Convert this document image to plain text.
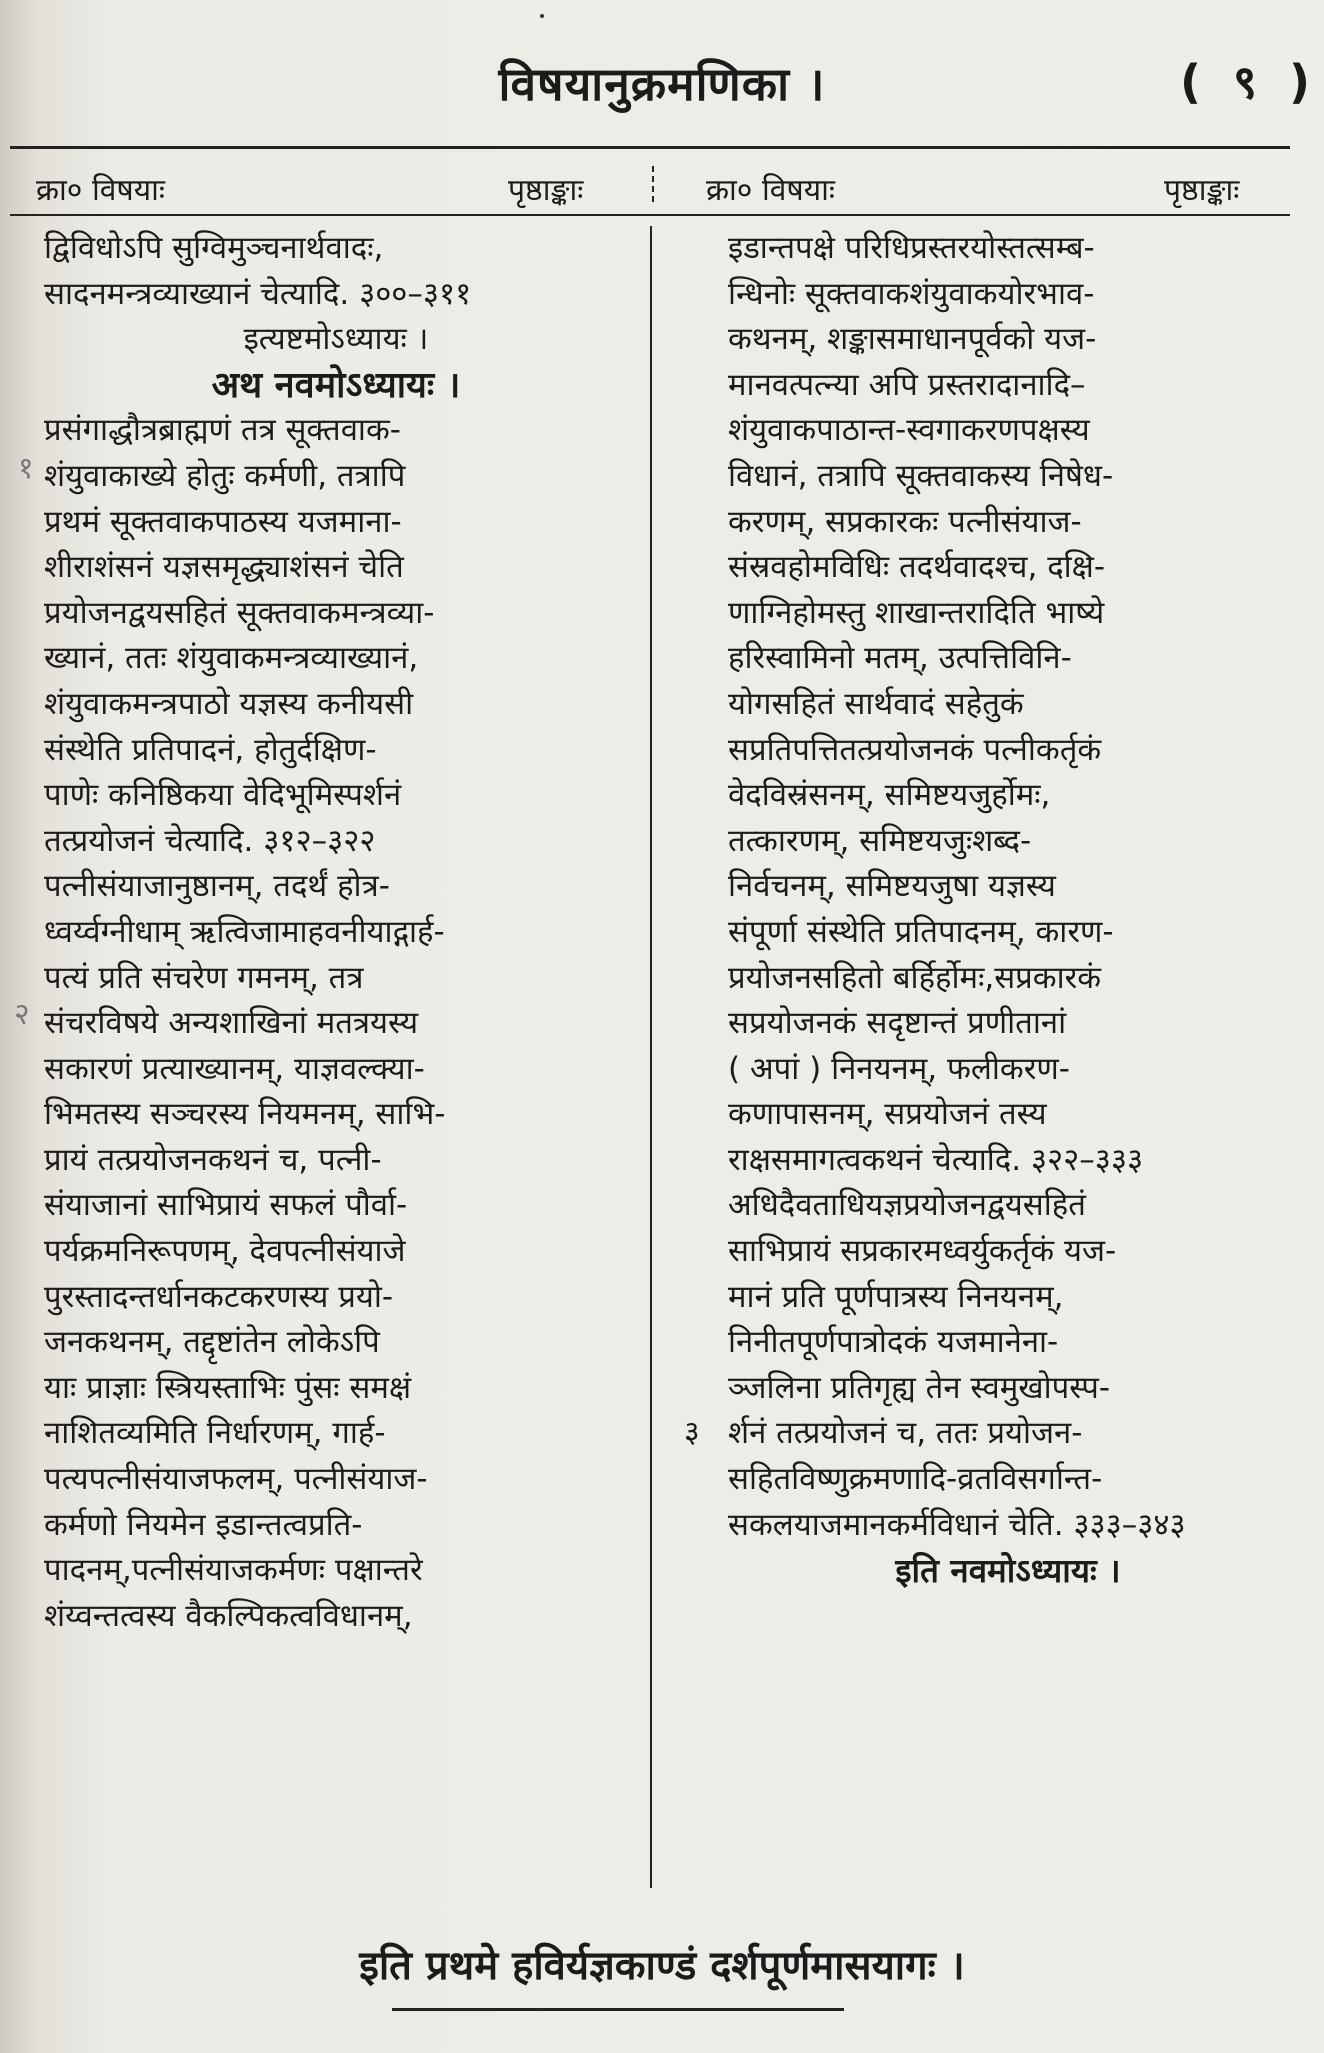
विषयानुक्रमणिका ।	( ९ )
क्रा० विषयाः	पृष्ठाङ्काः	क्रा० विषयाः	पृष्ठाङ्काः
१
२
द्विविधोऽपि सुग्विमुञ्चनार्थवादः,
सादनमन्त्रव्याख्यानं चेत्यादि. ३००–३११
इत्यष्टमोऽध्यायः ।
अथ नवमोऽध्यायः ।
प्रसंगाद्धौत्रब्राह्मणं तत्र सूक्तवाक-
शंयुवाकाख्ये होतुः कर्मणी, तत्रापि
प्रथमं सूक्तवाकपाठस्य यजमाना-
शीराशंसनं यज्ञसमृद्ध्याशंसनं चेति
प्रयोजनद्वयसहितं सूक्तवाकमन्त्रव्या-
ख्यानं, ततः शंयुवाकमन्त्रव्याख्यानं,
शंयुवाकमन्त्रपाठो यज्ञस्य कनीयसी
संस्थेति प्रतिपादनं, होतुर्दक्षिण-
पाणेः कनिष्ठिकया वेदिभूमिस्पर्शनं
तत्प्रयोजनं चेत्यादि. ३१२–३२२
पत्नीसंयाजानुष्ठानम्, तदर्थं होत्र-
ध्वर्य्वग्नीधाम् ऋत्विजामाहवनीयाद्गार्ह-
पत्यं प्रति संचरेण गमनम्, तत्र
संचरविषये अन्यशाखिनां मतत्रयस्य
सकारणं प्रत्याख्यानम्, याज्ञवल्क्या-
भिमतस्य सञ्चरस्य नियमनम्, साभि-
प्रायं तत्प्रयोजनकथनं च, पत्नी-
संयाजानां साभिप्रायं सफलं पौर्वा-
पर्यक्रमनिरूपणम्, देवपत्नीसंयाजे
पुरस्तादन्तर्धानकटकरणस्य प्रयो-
जनकथनम्, तद्दृष्टांतेन लोकेऽपि
याः प्राज्ञाः स्त्रियस्ताभिः पुंसः समक्षं
नाशितव्यमिति निर्धारणम्, गार्ह-
पत्यपत्नीसंयाजफलम्, पत्नीसंयाज-
कर्मणो नियमेन इडान्तत्वप्रति-
पादनम्,पत्नीसंयाजकर्मणः पक्षान्तरे
शंय्वन्तत्वस्य वैकल्पिकत्वविधानम्,
३
इडान्तपक्षे परिधिप्रस्तरयोस्तत्सम्ब-
न्धिनोः सूक्तवाकशंयुवाकयोरभाव-
कथनम्, शङ्कासमाधानपूर्वको यज-
मानवत्पत्न्या अपि प्रस्तरादानादि–
शंयुवाकपाठान्त-स्वगाकरणपक्षस्य
विधानं, तत्रापि सूक्तवाकस्य निषेध-
करणम्, सप्रकारकः पत्नीसंयाज-
संस्रवहोमविधिः तदर्थवादश्च, दक्षि-
णाग्निहोमस्तु शाखान्तरादिति भाष्ये
हरिस्वामिनो मतम्, उत्पत्तिविनि-
योगसहितं सार्थवादं सहेतुकं
सप्रतिपत्तितत्प्रयोजनकं पत्नीकर्तृकं
वेदविस्रंसनम्, समिष्टयजुर्होमः,
तत्कारणम्, समिष्टयजुःशब्द-
निर्वचनम्, समिष्टयजुषा यज्ञस्य
संपूर्णा संस्थेति प्रतिपादनम्, कारण-
प्रयोजनसहितो बर्हिर्होमः,सप्रकारकं
सप्रयोजनकं सदृष्टान्तं प्रणीतानां
( अपां ) निनयनम्, फलीकरण-
कणापासनम्, सप्रयोजनं तस्य
राक्षसमागत्वकथनं चेत्यादि. ३२२–३३३
अधिदैवताधियज्ञप्रयोजनद्वयसहितं
साभिप्रायं सप्रकारमध्वर्युकर्तृकं यज-
मानं प्रति पूर्णपात्रस्य निनयनम्,
निनीतपूर्णपात्रोदकं यजमानेना-
ञ्जलिना प्रतिगृह्य तेन स्वमुखोपस्प-
र्शनं तत्प्रयोजनं च, ततः प्रयोजन-
सहितविष्णुक्रमणादि-व्रतविसर्गान्त-
सकलयाजमानकर्मविधानं चेति. ३३३–३४३
इति नवमोऽध्यायः ।
इति प्रथमे हविर्यज्ञकाण्डं दर्शपूर्णमासयागः ।
